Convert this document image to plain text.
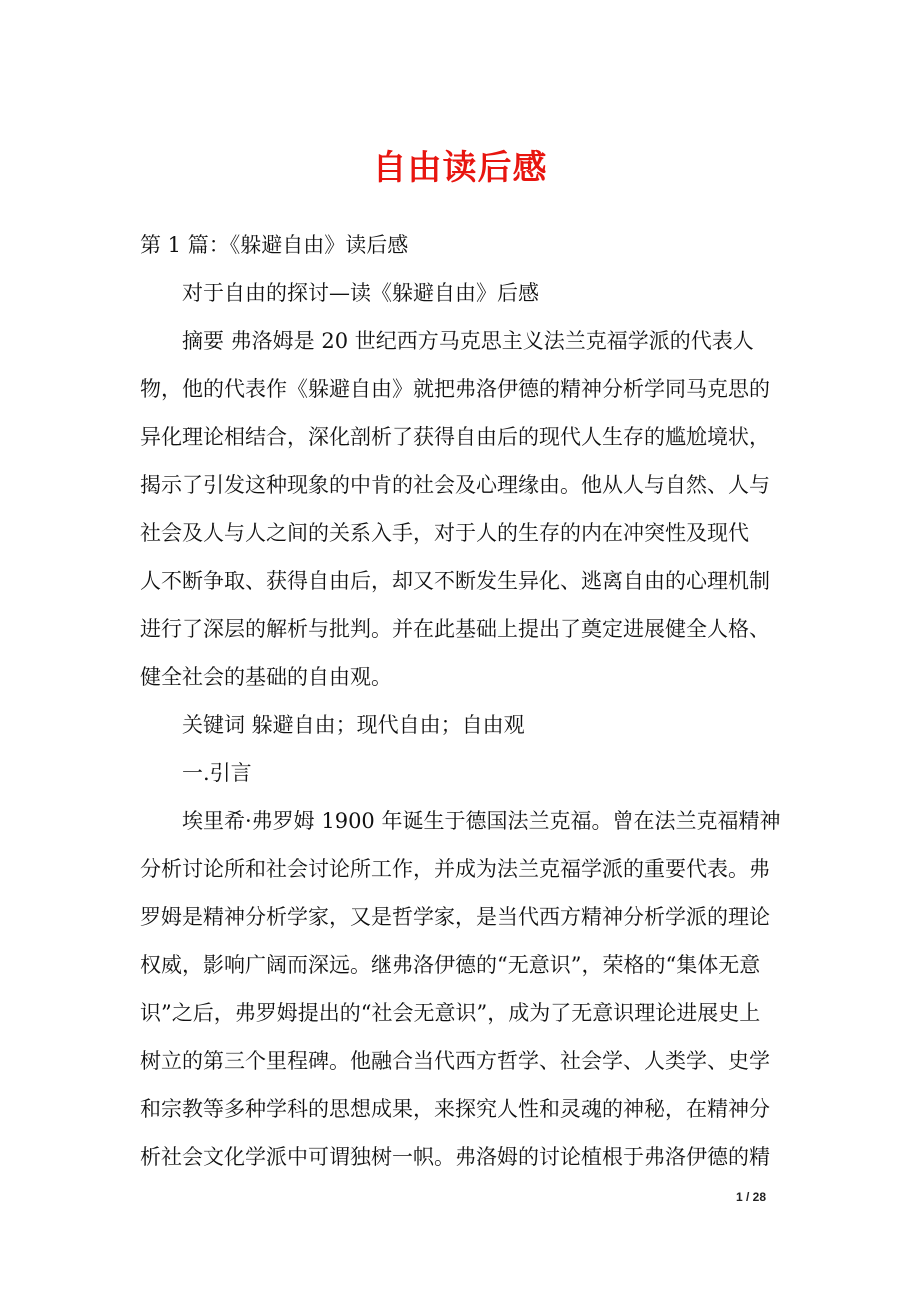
自由读后感
第 1 篇：《躲避自由》读后感
对于自由的探讨—读《躲避自由》后感
摘要 弗洛姆是 20 世纪西方马克思主义法兰克福学派的代表人
物，他的代表作《躲避自由》就把弗洛伊德的精神分析学同马克思的
异化理论相结合，深化剖析了获得自由后的现代人生存的尴尬境状，
揭示了引发这种现象的中肯的社会及心理缘由。他从人与自然、人与
社会及人与人之间的关系入手，对于人的生存的内在冲突性及现代
人不断争取、获得自由后，却又不断发生异化、逃离自由的心理机制
进行了深层的解析与批判。并在此基础上提出了奠定进展健全人格、
健全社会的基础的自由观。
关键词 躲避自由；现代自由；自由观
一.引言
埃里希·弗罗姆 1900 年诞生于德国法兰克福。曾在法兰克福精神
分析讨论所和社会讨论所工作，并成为法兰克福学派的重要代表。弗
罗姆是精神分析学家，又是哲学家，是当代西方精神分析学派的理论
权威，影响广阔而深远。继弗洛伊德的“无意识”，荣格的“集体无意
识”之后，弗罗姆提出的“社会无意识”，成为了无意识理论进展史上
树立的第三个里程碑。他融合当代西方哲学、社会学、人类学、史学
和宗教等多种学科的思想成果，来探究人性和灵魂的神秘，在精神分
析社会文化学派中可谓独树一帜。弗洛姆的讨论植根于弗洛伊德的精
1 / 28
